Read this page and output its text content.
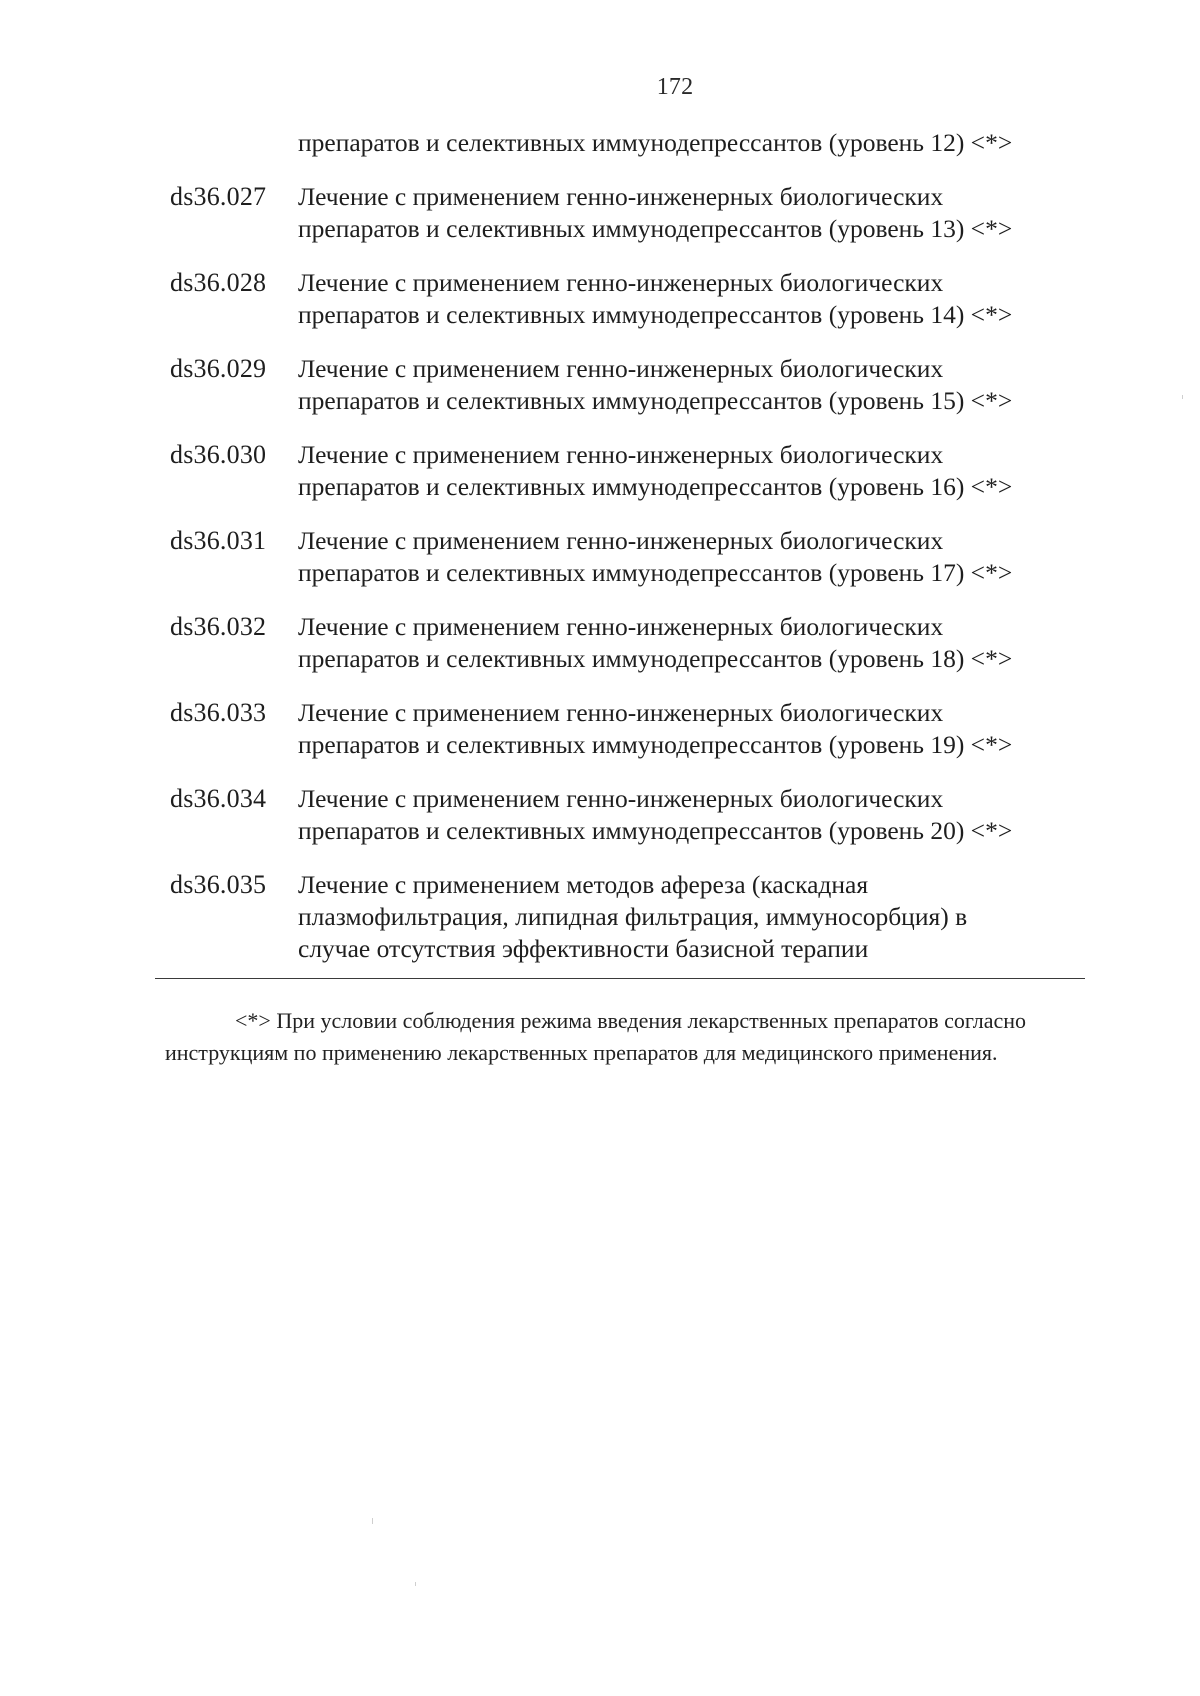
172
препаратов и селективных иммунодепрессантов (уровень 12) <*>
ds36.027 Лечение с применением генно-инженерных биологических
препаратов и селективных иммунодепрессантов (уровень 13) <*>
ds36.028 Лечение с применением генно-инженерных биологических
препаратов и селективных иммунодепрессантов (уровень 14) <*>
ds36.029 Лечение с применением генно-инженерных биологических
препаратов и селективных иммунодепрессантов (уровень 15) <*>
ds36.030 Лечение с применением генно-инженерных биологических
препаратов и селективных иммунодепрессантов (уровень 16) <*>
ds36.031 Лечение с применением генно-инженерных биологических
препаратов и селективных иммунодепрессантов (уровень 17) <*>
ds36.032 Лечение с применением генно-инженерных биологических
препаратов и селективных иммунодепрессантов (уровень 18) <*>
ds36.033 Лечение с применением генно-инженерных биологических
препаратов и селективных иммунодепрессантов (уровень 19) <*>
ds36.034 Лечение с применением генно-инженерных биологических
препаратов и селективных иммунодепрессантов (уровень 20) <*>
ds36.035 Лечение с применением методов афереза (каскадная
плазмофильтрация, липидная фильтрация, иммуносорбция) в
случае отсутствия эффективности базисной терапии
<*> При условии соблюдения режима введения лекарственных препаратов согласно
инструкциям по применению лекарственных препаратов для медицинского применения.
